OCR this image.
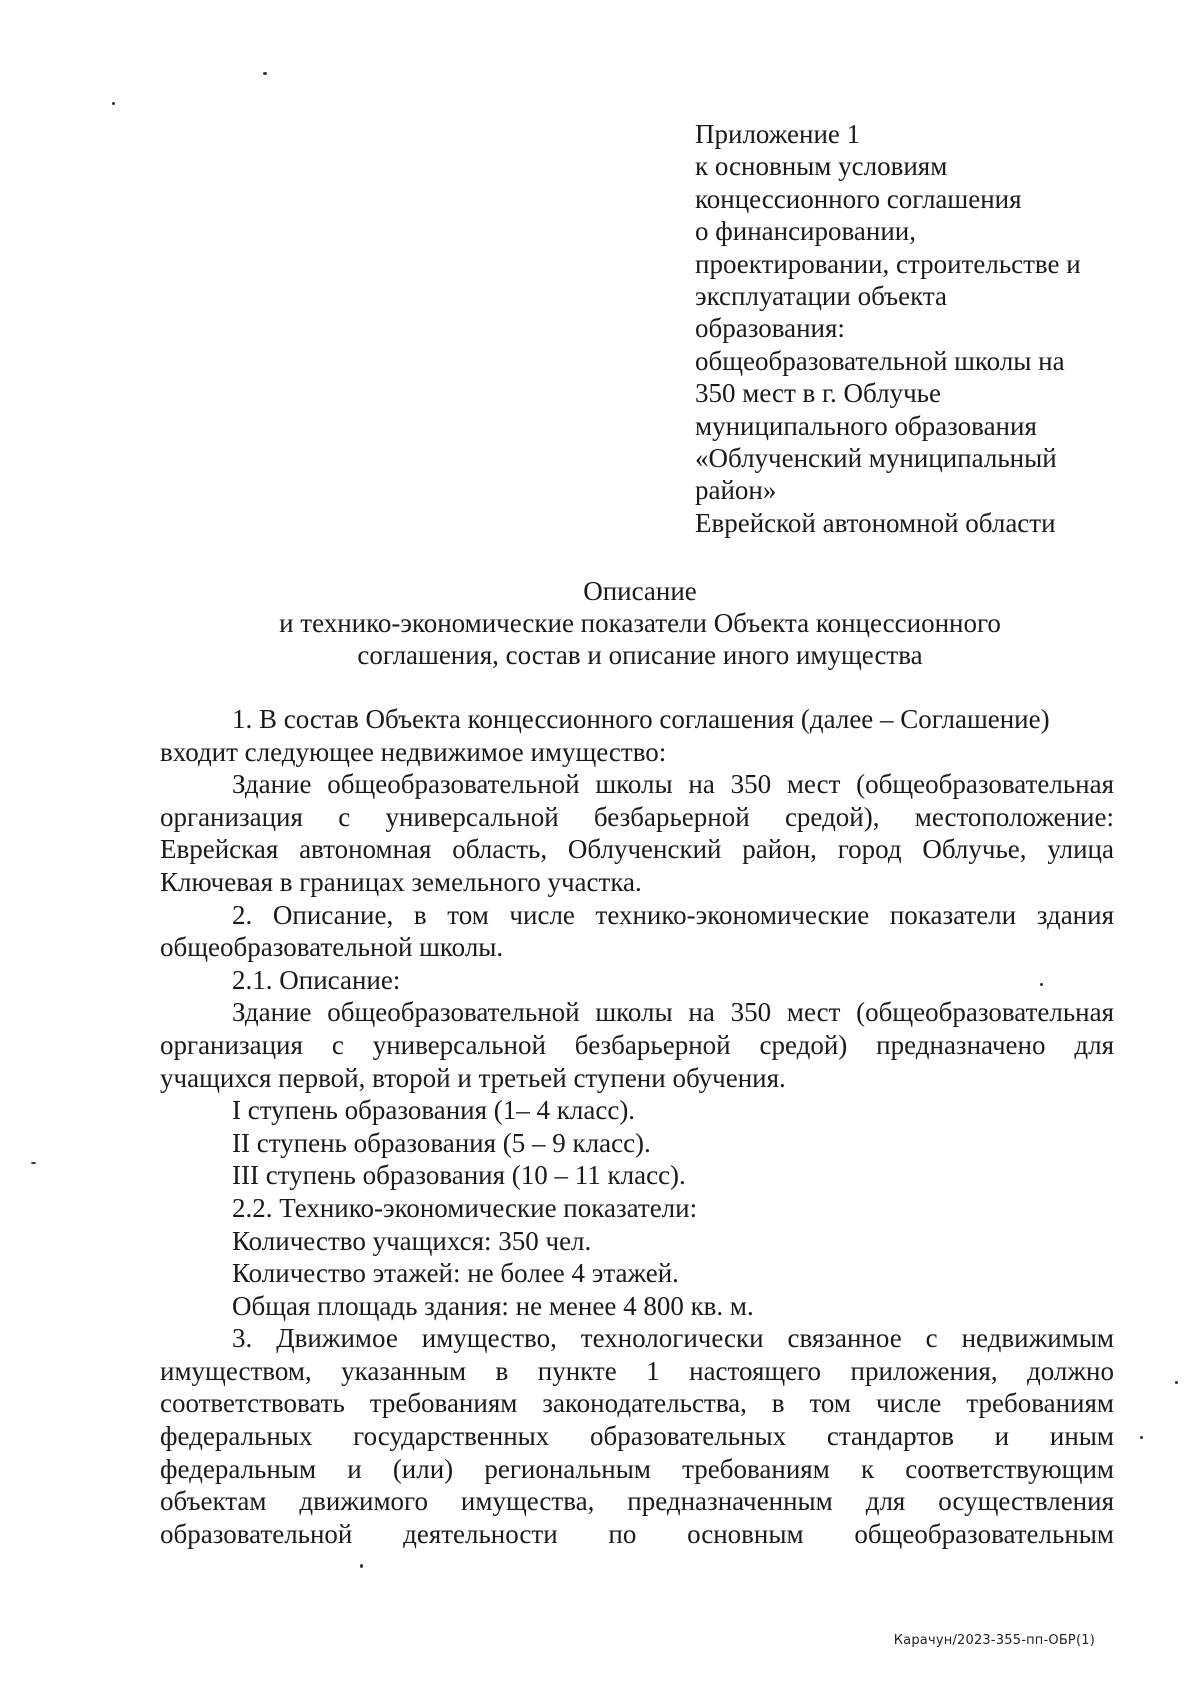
Приложение 1
к основным условиям
концессионного соглашения
о финансировании,
проектировании, строительстве и
эксплуатации объекта
образования:
общеобразовательной школы на
350 мест в г. Облучье
муниципального образования
«Облученский муниципальный
район»
Еврейской автономной области
Описание
и технико-экономические показатели Объекта концессионного
соглашения, состав и описание иного имущества
1. В состав Объекта концессионного соглашения (далее – Соглашение)
входит следующее недвижимое имущество:
Здание общеобразовательной школы на 350 мест (общеобразовательная
организация с универсальной безбарьерной средой), местоположение:
Еврейская автономная область, Облученский район, город Облучье, улица
Ключевая в границах земельного участка.
2. Описание, в том числе технико-экономические показатели здания
общеобразовательной школы.
2.1. Описание:
Здание общеобразовательной школы на 350 мест (общеобразовательная
организация с универсальной безбарьерной средой) предназначено для
учащихся первой, второй и третьей ступени обучения.
I ступень образования (1– 4 класс).
II ступень образования (5 – 9 класс).
III ступень образования (10 – 11 класс).
2.2. Технико-экономические показатели:
Количество учащихся: 350 чел.
Количество этажей: не более 4 этажей.
Общая площадь здания: не менее 4 800 кв. м.
3. Движимое имущество, технологически связанное с недвижимым
имуществом, указанным в пункте 1 настоящего приложения, должно
соответствовать требованиям законодательства, в том числе требованиям
федеральных государственных образовательных стандартов и иным
федеральным и (или) региональным требованиям к соответствующим
объектам движимого имущества, предназначенным для осуществления
образовательной деятельности по основным общеобразовательным
Карачун/2023-355-пп-ОБР(1)
